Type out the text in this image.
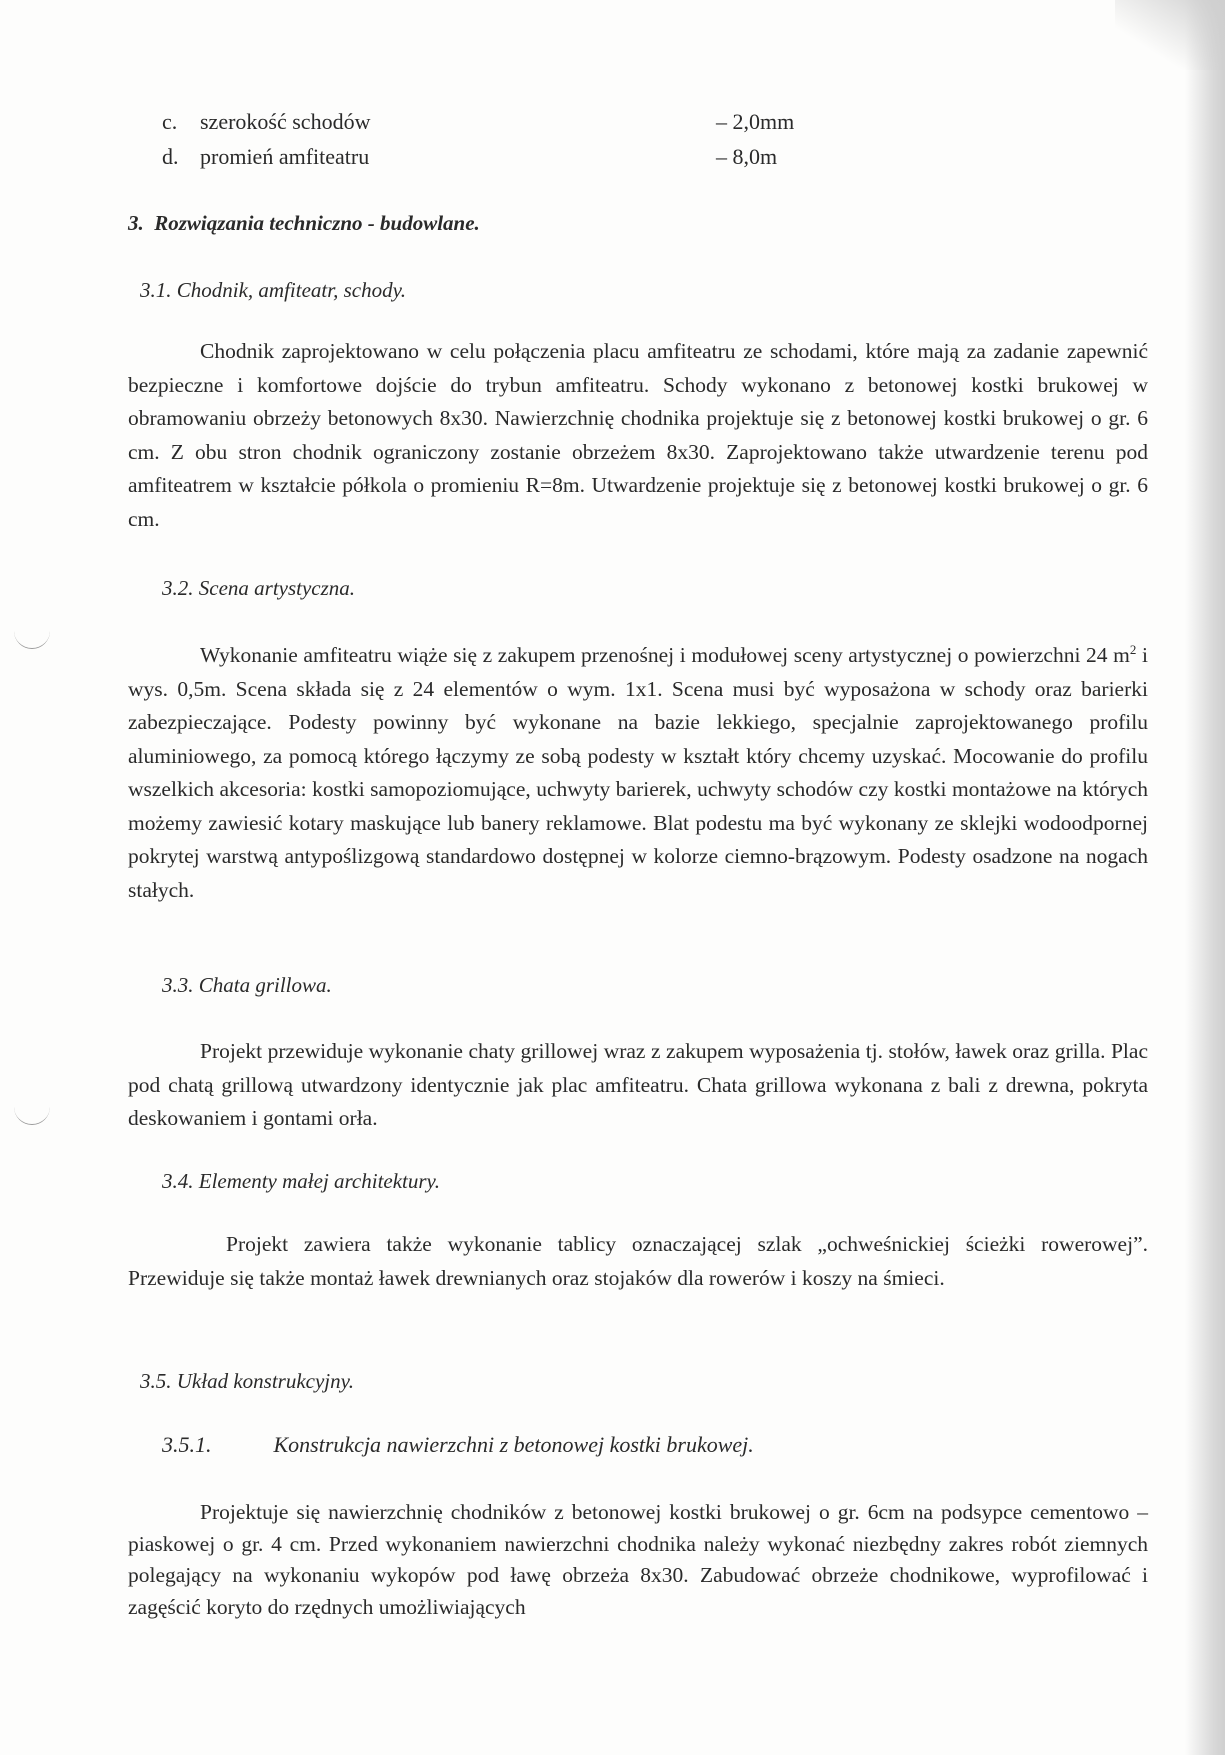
c. szerokość schodów	– 2,0mm
d. promień amfiteatru	– 8,0m
3. Rozwiązania techniczno - budowlane.
3.1. Chodnik, amfiteatr, schody.

Chodnik zaprojektowano w celu połączenia placu amfiteatru ze schodami, które mają za zadanie zapewnić bezpieczne i komfortowe dojście do trybun amfiteatru. Schody wykonano z betonowej kostki brukowej w obramowaniu obrzeży betonowych 8x30. Nawierzchnię chodnika projektuje się z betonowej kostki brukowej o gr. 6 cm. Z obu stron chodnik ograniczony zostanie obrzeżem 8x30. Zaprojektowano także utwardzenie terenu pod amfiteatrem w kształcie półkola o promieniu R=8m. Utwardzenie projektuje się z betonowej kostki brukowej o gr. 6 cm.

3.2. Scena artystyczna.

Wykonanie amfiteatru wiąże się z zakupem przenośnej i modułowej sceny artystycznej o powierzchni 24 $m^2$ i wys. 0,5m. Scena składa się z 24 elementów o wym. 1x1. Scena musi być wyposażona w schody oraz barierki zabezpieczające. Podesty powinny być wykonane na bazie lekkiego, specjalnie zaprojektowanego profilu aluminiowego, za pomocą którego łączymy ze sobą podesty w kształt który chcemy uzyskać. Mocowanie do profilu wszelkich akcesoria: kostki samopoziomujące, uchwyty barierek, uchwyty schodów czy kostki montażowe na których możemy zawiesić kotary maskujące lub banery reklamowe. Blat podestu ma być wykonany ze sklejki wodoodpornej pokrytej warstwą antypoślizgową standardowo dostępnej w kolorze ciemno-brązowym. Podesty osadzone na nogach stałych.

3.3. Chata grillowa.

Projekt przewiduje wykonanie chaty grillowej wraz z zakupem wyposażenia tj. stołów, ławek oraz grilla. Plac pod chatą grillową utwardzony identycznie jak plac amfiteatru. Chata grillowa wykonana z bali z drewna, pokryta deskowaniem i gontami orła.

3.4. Elementy małej architektury.

Projekt zawiera także wykonanie tablicy oznaczającej szlak „ochweśnickiej ścieżki rowerowej”. Przewiduje się także montaż ławek drewnianych oraz stojaków dla rowerów i koszy na śmieci.

3.5. Układ konstrukcyjny.
3.5.1.	Konstrukcja nawierzchni z betonowej kostki brukowej.

Projektuje się nawierzchnię chodników z betonowej kostki brukowej o gr. 6cm na podsypce cementowo – piaskowej o gr. 4 cm. Przed wykonaniem nawierzchni chodnika należy wykonać niezbędny zakres robót ziemnych polegający na wykonaniu wykopów pod ławę obrzeża 8x30. Zabudować obrzeże chodnikowe, wyprofilować i zagęścić koryto do rzędnych umożliwiających
